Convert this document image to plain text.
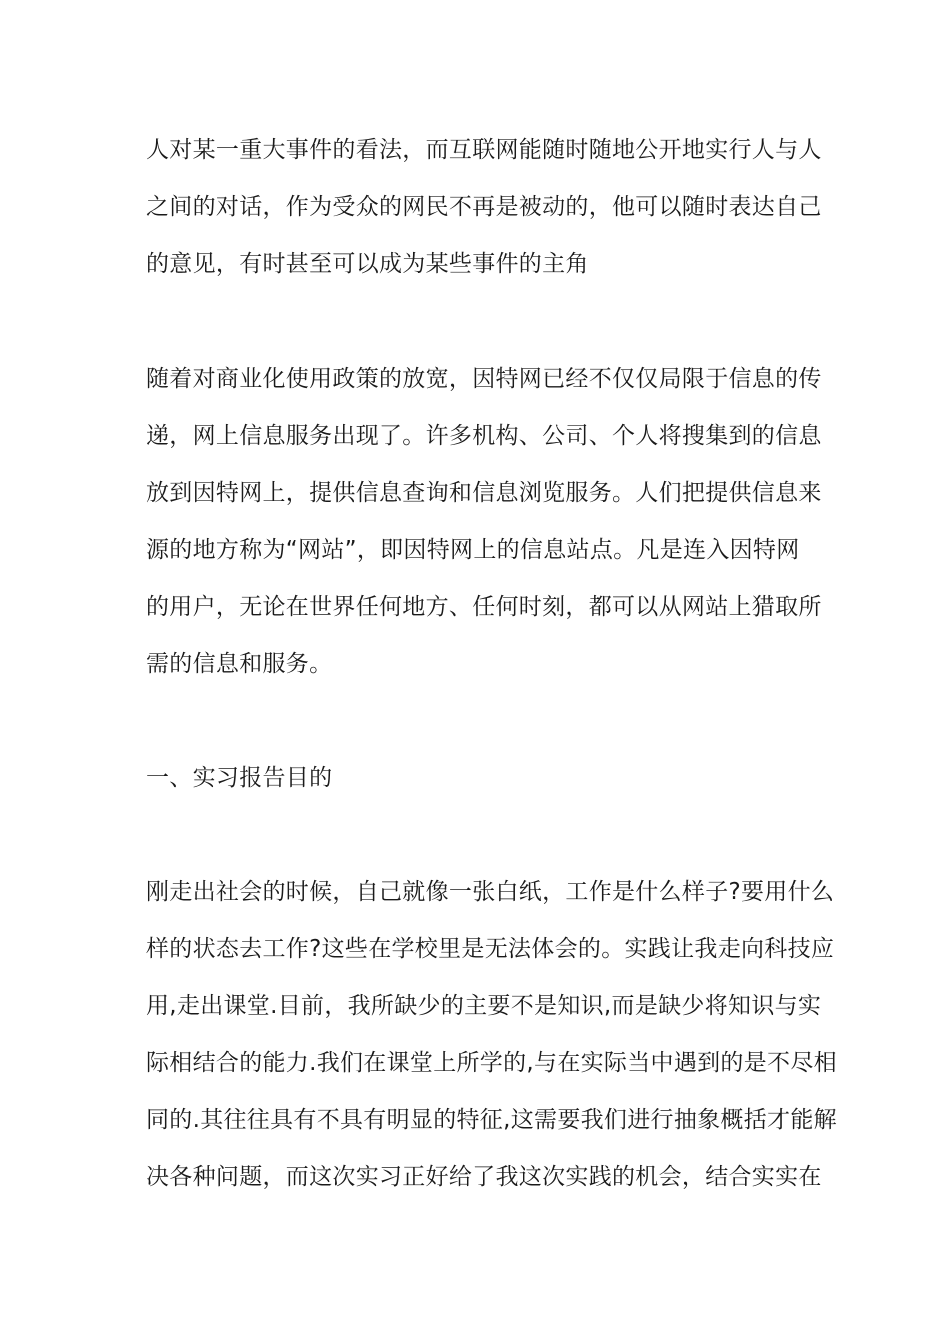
人对某一重大事件的看法，而互联网能随时随地公开地实行人与人
之间的对话，作为受众的网民不再是被动的，他可以随时表达自己
的意见，有时甚至可以成为某些事件的主角
随着对商业化使用政策的放宽，因特网已经不仅仅局限于信息的传
递，网上信息服务出现了。许多机构、公司、个人将搜集到的信息
放到因特网上，提供信息查询和信息浏览服务。人们把提供信息来
源的地方称为“网站”，即因特网上的信息站点。凡是连入因特网
的用户，无论在世界任何地方、任何时刻，都可以从网站上猎取所
需的信息和服务。
一、实习报告目的
刚走出社会的时候，自己就像一张白纸，工作是什么样子?要用什么
样的状态去工作?这些在学校里是无法体会的。实践让我走向科技应
用,走出课堂.目前，我所缺少的主要不是知识,而是缺少将知识与实
际相结合的能力.我们在课堂上所学的,与在实际当中遇到的是不尽相
同的.其往往具有不具有明显的特征,这需要我们进行抽象概括才能解
决各种问题，而这次实习正好给了我这次实践的机会，结合实实在
